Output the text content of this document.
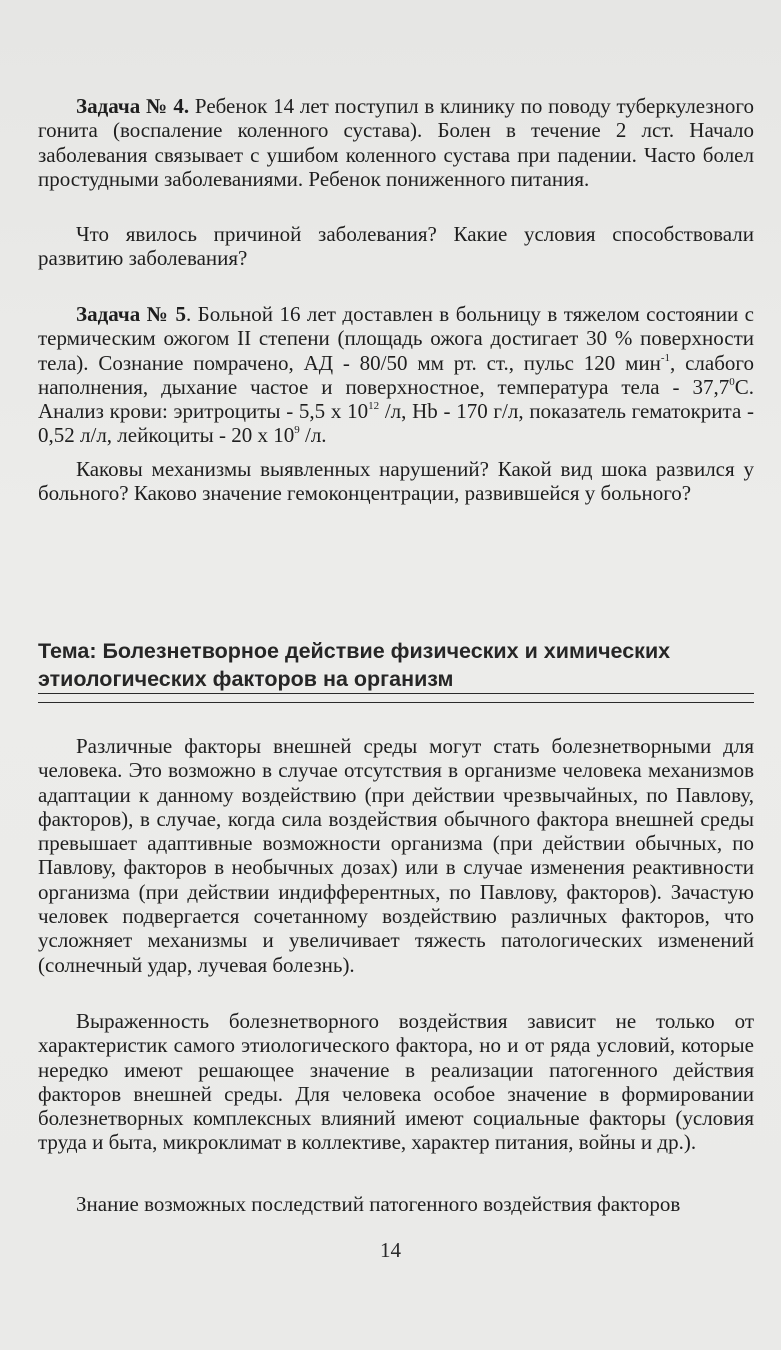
Задача № 4. Ребенок 14 лет поступил в клинику по поводу туберкулезного гонита (воспаление коленного сустава). Болен в течение 2 лст. Начало заболевания связывает с ушибом коленного сустава при падении. Часто болел простудными заболеваниями. Ребенок пониженного питания.

Что явилось причиной заболевания? Какие условия способствовали развитию заболевания?

Задача № 5. Больной 16 лет доставлен в больницу в тяжелом состоянии с термическим ожогом II степени (площадь ожога достигает 30 % поверхности тела). Сознание помрачено, АД - 80/50 мм рт. ст., пульс 120 мин$^{-1}$, слабого наполнения, дыхание частое и поверхностное, температура тела - 37,7$^0$С. Анализ крови: эритроциты - 5,5 x $10^{12}$ /л, Hb - 170 г/л, показатель гематокрита - 0,52 л/л, лейкоциты - 20 x $10^9$ /л.

Каковы механизмы выявленных нарушений? Какой вид шока развился у больного? Каково значение гемоконцентрации, развившейся у больного?

Тема: Болезнетворное действие физических и химических этиологических факторов на организм

Различные факторы внешней среды могут стать болезнетворными для человека. Это возможно в случае отсутствия в организме человека механизмов адаптации к данному воздействию (при действии чрезвычайных, по Павлову, факторов), в случае, когда сила воздействия обычного фактора внешней среды превышает адаптивные возможности организма (при действии обычных, по Павлову, факторов в необычных дозах) или в случае изменения реактивности организма (при действии индифферентных, по Павлову, факторов). Зачастую человек подвергается сочетанному воздействию различных факторов, что усложняет механизмы и увеличивает тяжесть патологических изменений (солнечный удар, лучевая болезнь).

Выраженность болезнетворного воздействия зависит не только от характеристик самого этиологического фактора, но и от ряда условий, которые нередко имеют решающее значение в реализации патогенного действия факторов внешней среды. Для человека особое значение в формировании болезнетворных комплексных влияний имеют социальные факторы (условия труда и быта, микроклимат в коллективе, характер питания, войны и др.).

Знание возможных последствий патогенного воздействия факторов

14
